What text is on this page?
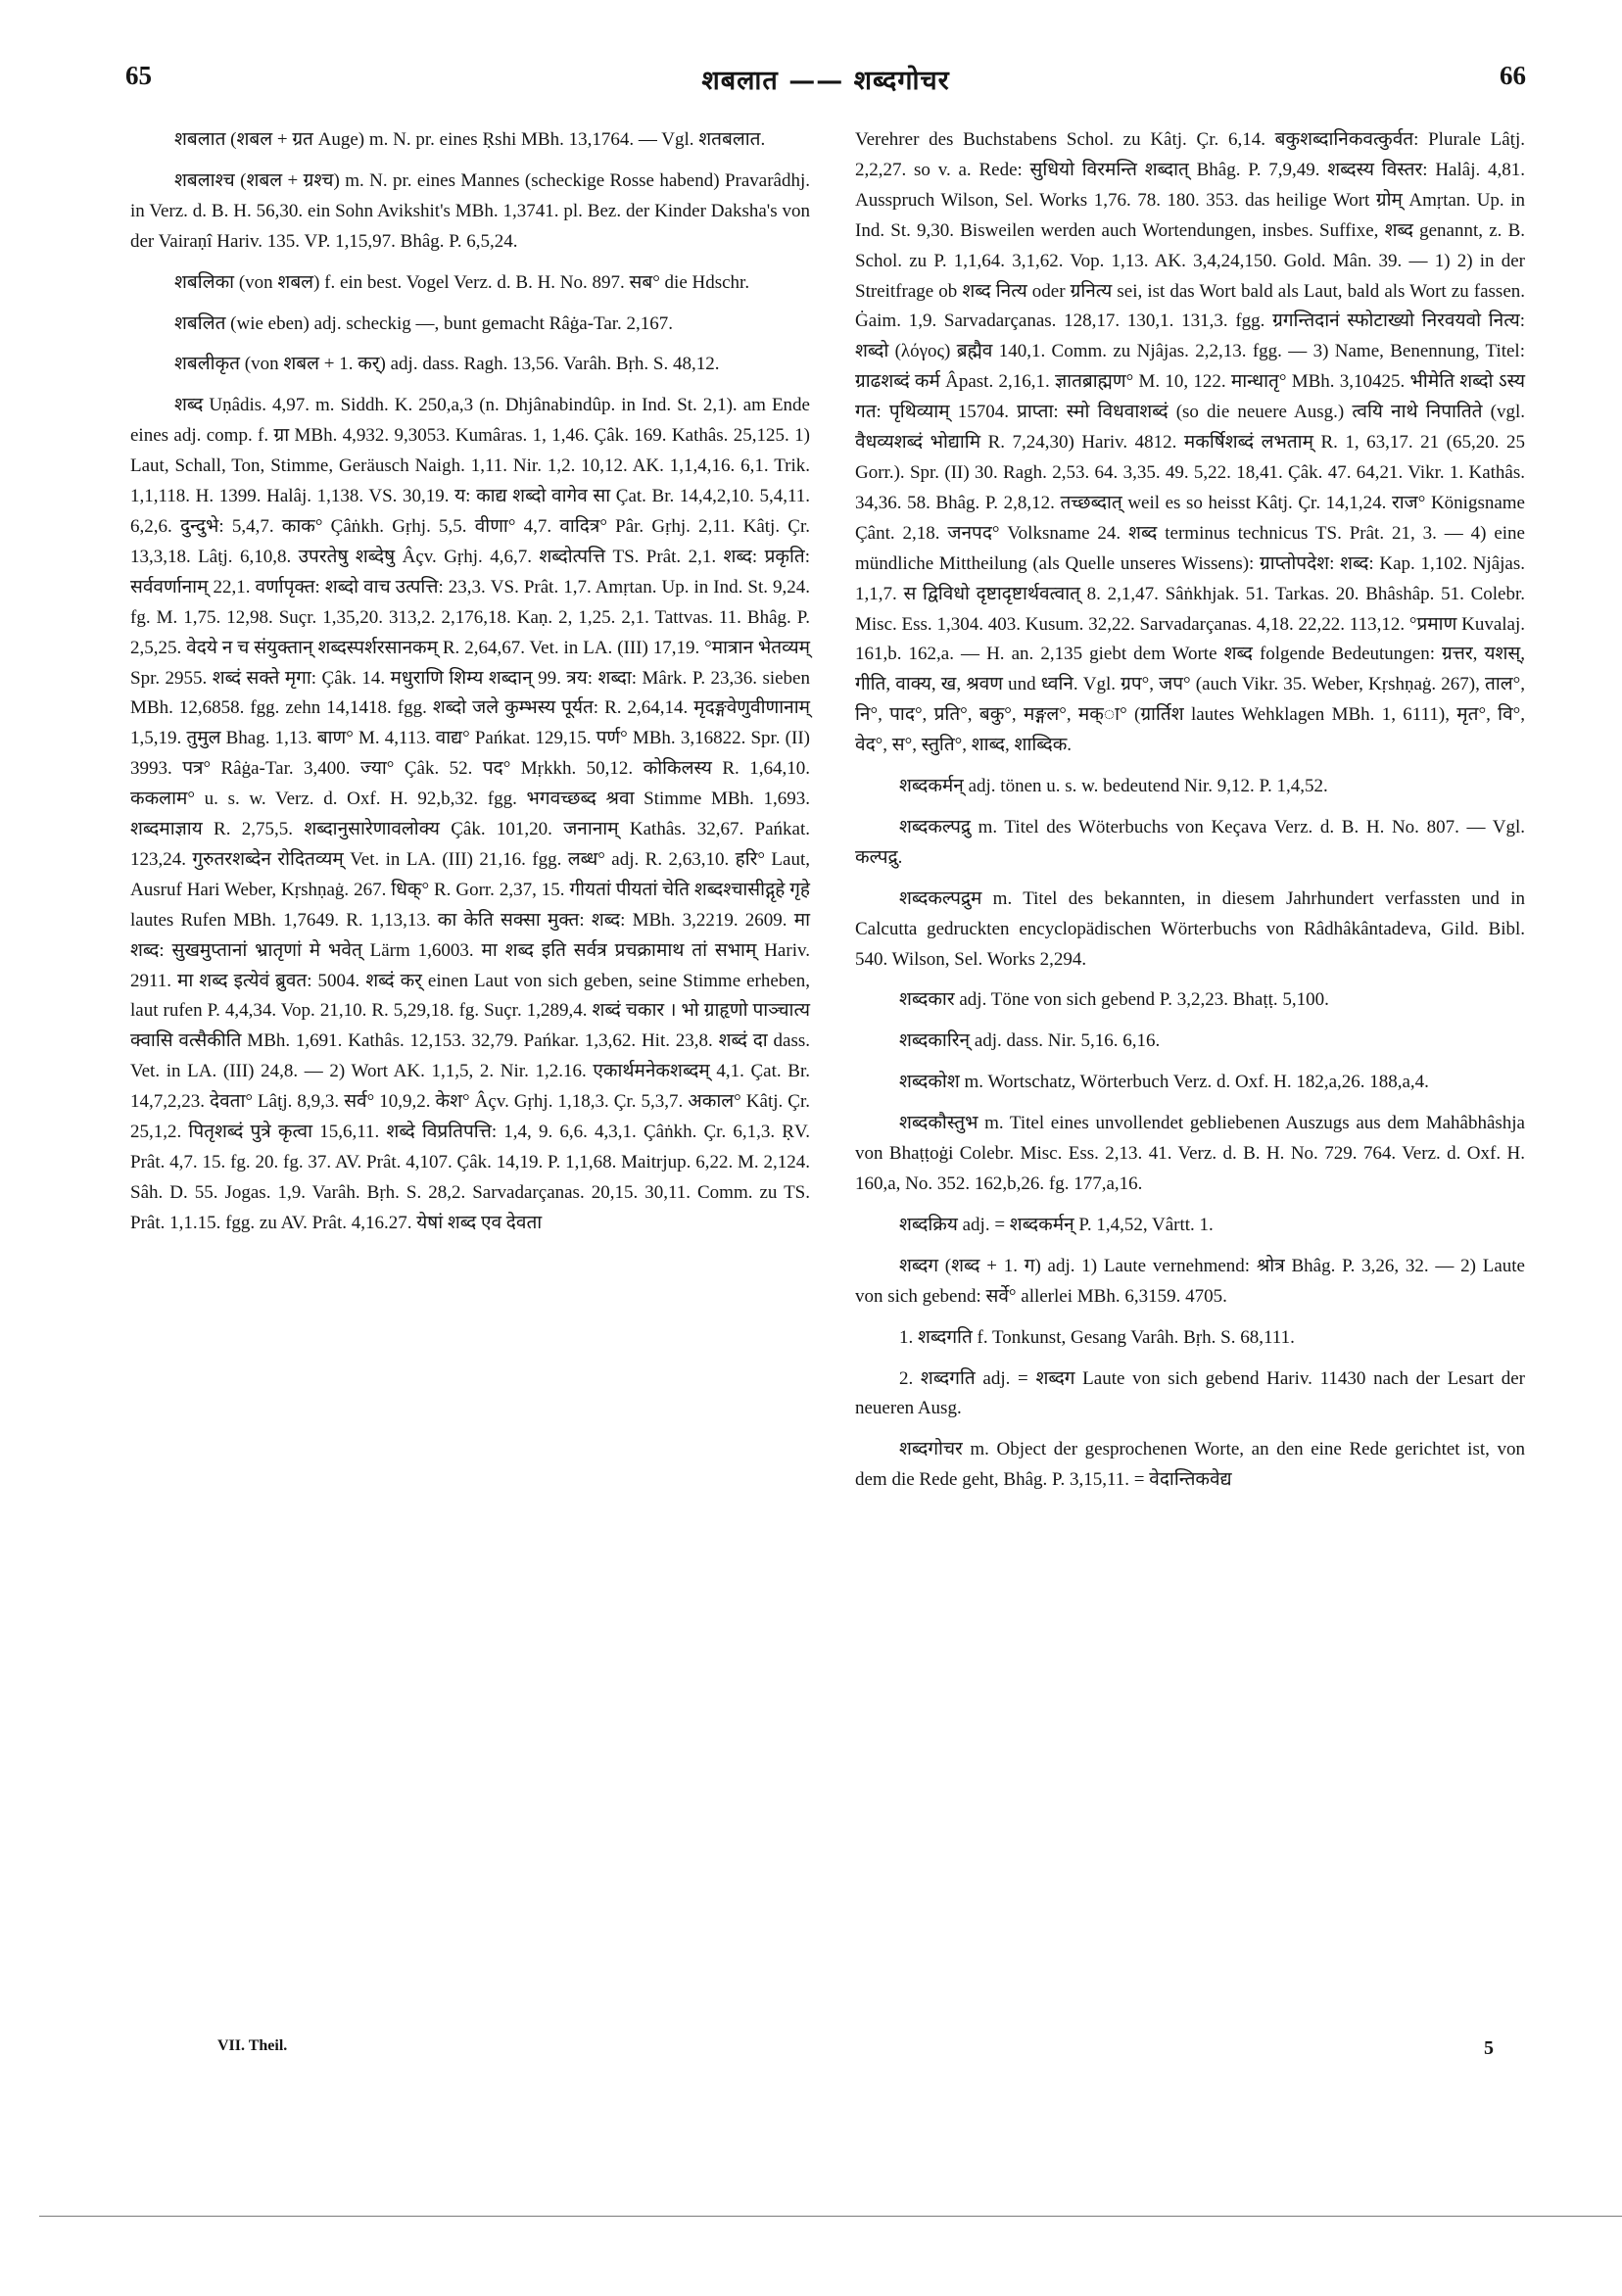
65	शबलात —— शब्दगोचर	66

शबलात (शबल + ग्रत Auge) m. N. pr. eines Ṛshi MBh. 13,1764. — Vgl. शतबलात.

शबलाश्च (शबल + ग्रश्च) m. N. pr. eines Mannes (scheckige Rosse habend) Pravarâdhj. in Verz. d. B. H. 56,30. ein Sohn Avikshit's MBh. 1,3741. pl. Bez. der Kinder Daksha's von der Vairaṇî Hariv. 135. VP. 1,15,97. Bhâg. P. 6,5,24.

शबलिका (von शबल) f. ein best. Vogel Verz. d. B. H. No. 897. सब° die Hdschr.

शबलित (wie eben) adj. scheckig —, bunt gemacht Râġa-Tar. 2,167.

शबलीकृत (von शबल + 1. कर्) adj. dass. Ragh. 13,56. Varâh. Bṛh. S. 48,12.

शब्द Uṇâdis. 4,97. m. Siddh. K. 250,a,3 (n. Dhjânabindûp. in Ind. St. 2,1). am Ende eines adj. comp. f. ग्रा MBh. 4,932. 9,3053. Kumâras. 1, 1,46. Çâk. 169. Kathâs. 25,125. 1) Laut, Schall, Ton, Stimme, Geräusch Naigh. 1,11. Nir. 1,2. 10,12. AK. 1,1,4,16. 6,1. Trik. 1,1,118. H. 1399. Halâj. 1,138. VS. 30,19. य: काद्य शब्दो वागेव सा Çat. Br. 14,4,2,10. 5,4,11. 6,2,6. दुन्दुभे: 5,4,7. काक° Çâṅkh. Gṛhj. 5,5. वीणा° 4,7. वादित्र° Pâr. Gṛhj. 2,11. Kâtj. Çr. 13,3,18. Lâṭj. 6,10,8. उपरतेषु शब्देषु Âçv. Gṛhj. 4,6,7. शब्दोत्पत्ति TS. Prât. 2,1. शब्द: प्रकृति: सर्ववर्णानाम् 22,1. वर्णापृक्त: शब्दो वाच उत्पत्ति: 23,3. VS. Prât. 1,7. Amṛtan. Up. in Ind. St. 9,24. fg. M. 1,75. 12,98. Suçr. 1,35,20. 313,2. 2,176,18. Kaṇ. 2, 1,25. 2,1. Tattvas. 11. Bhâg. P. 2,5,25. वेदये न च संयुक्तान् शब्दस्पर्शरसानकम् R. 2,64,67. Vet. in LA. (III) 17,19. °मात्रान भेतव्यम् Spr. 2955. शब्दं सक्ते मृगा: Çâk. 14. मधुराणि शिम्य शब्दान् 99. त्रय: शब्दा: Mârk. P. 23,36. sieben MBh. 12,6858. fgg. zehn 14,1418. fgg. शब्दो जले कुम्भस्य पूर्यत: R. 2,64,14. मृदङ्गवेणुवीणानाम् 1,5,19. तुमुल Bhag. 1,13. बाण° M. 4,113. वाद्य° Pańkat. 129,15. पर्ण° MBh. 3,16822. Spr. (II) 3993. पत्र° Râġa-Tar. 3,400. ज्या° Çâk. 52. पद° Mṛkkh. 50,12. कोकिलस्य R. 1,64,10. ककलाम° u. s. w. Verz. d. Oxf. H. 92,b,32. fgg. भगवच्छब्द श्रवा Stimme MBh. 1,693. शब्दमाज्ञाय R. 2,75,5. शब्दानुसारेणावलोक्य Çâk. 101,20. जनानाम् Kathâs. 32,67. Pańkat. 123,24. गुरुतरशब्देन रोदितव्यम् Vet. in LA. (III) 21,16. fgg. लब्ध° adj. R. 2,63,10. हरि° Laut, Ausruf Hari Weber, Kṛshṇaġ. 267. धिक्° R. Gorr. 2,37, 15. गीयतां पीयतां चेति शब्दश्चासीद्गृहे गृहे lautes Rufen MBh. 1,7649. R. 1,13,13. का केति सक्सा मुक्त: शब्द: MBh. 3,2219. 2609. मा शब्द: सुखमुप्तानां भ्रातृणां मे भवेत् Lärm 1,6003. मा शब्द इति सर्वत्र प्रचक्रामाथ तां सभाम् Hariv. 2911. मा शब्द इत्येवं ब्रुवत: 5004. शब्दं कर् einen Laut von sich geben, seine Stimme erheben, laut rufen P. 4,4,34. Vop. 21,10. R. 5,29,18. fg. Suçr. 1,289,4. शब्दं चकार । भो ग्राहृणो पाञ्चात्य क्वासि वत्सैकीति MBh. 1,691. Kathâs. 12,153. 32,79. Pańkar. 1,3,62. Hit. 23,8. शब्दं दा dass. Vet. in LA. (III) 24,8. — 2) Wort AK. 1,1,5, 2. Nir. 1,2.16. एकार्थमनेकशब्दम् 4,1. Çat. Br. 14,7,2,23. देवता° Lâṭj. 8,9,3. सर्व° 10,9,2. केश° Âçv. Gṛhj. 1,18,3. Çr. 5,3,7. अकाल° Kâtj. Çr. 25,1,2. पितृशब्दं पुत्रे कृत्वा 15,6,11. शब्दे विप्रतिपत्ति: 1,4, 9. 6,6. 4,3,1. Çâṅkh. Çr. 6,1,3. ṚV. Prât. 4,7. 15. fg. 20. fg. 37. AV. Prât. 4,107. Çâk. 14,19. P. 1,1,68. Maitrjup. 6,22. M. 2,124. Sâh. D. 55. Jogas. 1,9. Varâh. Bṛh. S. 28,2. Sarvadarçanas. 20,15. 30,11. Comm. zu TS. Prât. 1,1.15. fgg. zu AV. Prât. 4,16.27. येषां शब्द एव देवता

Verehrer des Buchstabens Schol. zu Kâtj. Çr. 6,14. बकुशब्दानिकवत्कुर्वत: Plurale Lâṭj. 2,2,27. so v. a. Rede: सुधियो विरमन्ति शब्दात् Bhâg. P. 7,9,49. शब्दस्य विस्तर: Halâj. 4,81. Ausspruch Wilson, Sel. Works 1,76. 78. 180. 353. das heilige Wort ग्रोम् Amṛtan. Up. in Ind. St. 9,30. Bisweilen werden auch Wortendungen, insbes. Suffixe, शब्द genannt, z. B. Schol. zu P. 1,1,64. 3,1,62. Vop. 1,13. AK. 3,4,24,150. Gold. Mân. 39. — 1) 2) in der Streitfrage ob शब्द नित्य oder ग्रनित्य sei, ist das Wort bald als Laut, bald als Wort zu fassen. Ġaim. 1,9. Sarvadarçanas. 128,17. 130,1. 131,3. fgg. ग्रगन्तिदानं स्फोटाख्यो निरवयवो नित्य: शब्दो (λόγος) ब्रह्मैव 140,1. Comm. zu Njâjas. 2,2,13. fgg. — 3) Name, Benennung, Titel: ग्राढशब्दं कर्म Âpast. 2,16,1. ज्ञातब्राह्मण° M. 10, 122. मान्धातृ° MBh. 3,10425. भीमेति शब्दो ऽस्य गत: पृथिव्याम् 15704. प्राप्ता: स्मो विधवाशब्दं (so die neuere Ausg.) त्वयि नाथे निपातिते (vgl. वैधव्यशब्दं भोद्यामि R. 7,24,30) Hariv. 4812. मकर्षिशब्दं लभताम् R. 1, 63,17. 21 (65,20. 25 Gorr.). Spr. (II) 30. Ragh. 2,53. 64. 3,35. 49. 5,22. 18,41. Çâk. 47. 64,21. Vikr. 1. Kathâs. 34,36. 58. Bhâg. P. 2,8,12. तच्छब्दात् weil es so heisst Kâtj. Çr. 14,1,24. राज° Königsname Çânt. 2,18. जनपद° Volksname 24. शब्द terminus technicus TS. Prât. 21, 3. — 4) eine mündliche Mittheilung (als Quelle unseres Wissens): ग्राप्तोपदेश: शब्द: Kap. 1,102. Njâjas. 1,1,7. स द्विविधो दृष्टादृष्टार्थवत्वात् 8. 2,1,47. Sâṅkhjak. 51. Tarkas. 20. Bhâshâp. 51. Colebr. Misc. Ess. 1,304. 403. Kusum. 32,22. Sarvadarçanas. 4,18. 22,22. 113,12. °प्रमाण Kuvalaj. 161,b. 162,a. — H. an. 2,135 giebt dem Worte शब्द folgende Bedeutungen: ग्रत्तर, यशस्, गीति, वाक्य, ख, श्रवण und ध्वनि. Vgl. ग्रप°, जप° (auch Vikr. 35. Weber, Kṛshṇaġ. 267), ताल°, नि°, पाद°, प्रति°, बकु°, मङ्गल°, मक्ा° (ग्रार्तिश lautes Wehklagen MBh. 1, 6111), मृत°, वि°, वेद°, स°, स्तुति°, शाब्द, शाब्दिक.

शब्दकर्मन् adj. tönen u. s. w. bedeutend Nir. 9,12. P. 1,4,52.

शब्दकल्पद्रु m. Titel des Wöterbuchs von Keçava Verz. d. B. H. No. 807. — Vgl. कल्पद्रु.

शब्दकल्पद्रुम m. Titel des bekannten, in diesem Jahrhundert verfassten und in Calcutta gedruckten encyclopädischen Wörterbuchs von Râdhâkântadeva, Gild. Bibl. 540. Wilson, Sel. Works 2,294.

शब्दकार adj. Töne von sich gebend P. 3,2,23. Bhaṭṭ. 5,100.

शब्दकारिन् adj. dass. Nir. 5,16. 6,16.

शब्दकोश m. Wortschatz, Wörterbuch Verz. d. Oxf. H. 182,a,26. 188,a,4.

शब्दकौस्तुभ m. Titel eines unvollendet gebliebenen Auszugs aus dem Mahâbhâshja von Bhaṭṭoġi Colebr. Misc. Ess. 2,13. 41. Verz. d. B. H. No. 729. 764. Verz. d. Oxf. H. 160,a, No. 352. 162,b,26. fg. 177,a,16.

शब्दक्रिय adj. = शब्दकर्मन् P. 1,4,52, Vârtt. 1.

शब्दग (शब्द + 1. ग) adj. 1) Laute vernehmend: श्रोत्र Bhâg. P. 3,26, 32. — 2) Laute von sich gebend: सर्वे° allerlei MBh. 6,3159. 4705.

1. शब्दगति f. Tonkunst, Gesang Varâh. Bṛh. S. 68,111.

2. शब्दगति adj. = शब्दग Laute von sich gebend Hariv. 11430 nach der Lesart der neueren Ausg.

शब्दगोचर m. Object der gesprochenen Worte, an den eine Rede gerichtet ist, von dem die Rede geht, Bhâg. P. 3,15,11. = वेदान्तिकवेद्य

VII. Theil.	5
